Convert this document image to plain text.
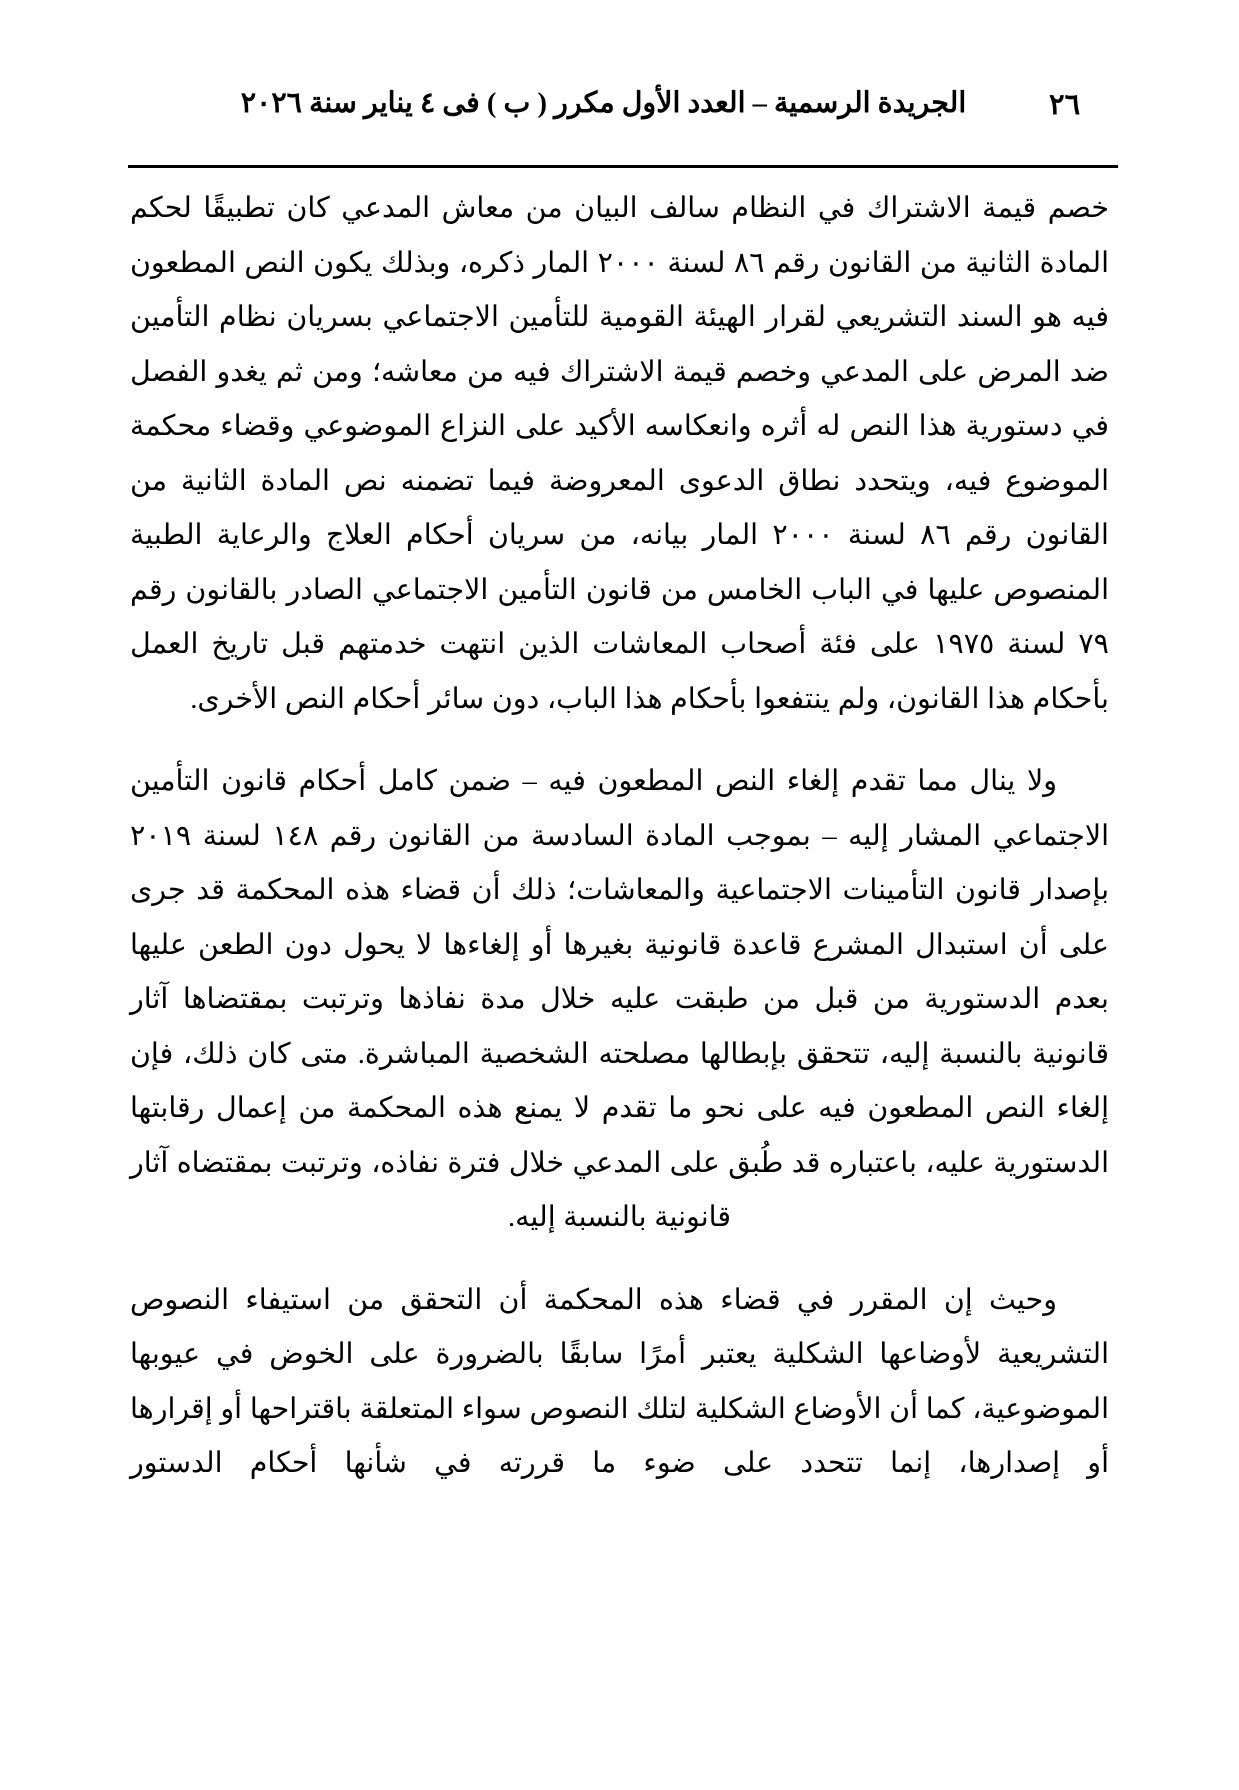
٢٦
الجريدة الرسمية – العدد الأول مكرر ( ب ) فى ٤ يناير سنة ٢٠٢٦

خصم قيمة الاشتراك في النظام سالف البيان من معاش المدعي كان تطبيقًا لحكم المادة الثانية من القانون رقم ٨٦ لسنة ٢٠٠٠ المار ذكره، وبذلك يكون النص المطعون فيه هو السند التشريعي لقرار الهيئة القومية للتأمين الاجتماعي بسريان نظام التأمين ضد المرض على المدعي وخصم قيمة الاشتراك فيه من معاشه؛ ومن ثم يغدو الفصل في دستورية هذا النص له أثره وانعكاسه الأكيد على النزاع الموضوعي وقضاء محكمة الموضوع فيه، ويتحدد نطاق الدعوى المعروضة فيما تضمنه نص المادة الثانية من القانون رقم ٨٦ لسنة ٢٠٠٠ المار بيانه، من سريان أحكام العلاج والرعاية الطبية المنصوص عليها في الباب الخامس من قانون التأمين الاجتماعي الصادر بالقانون رقم ٧٩ لسنة ١٩٧٥ على فئة أصحاب المعاشات الذين انتهت خدمتهم قبل تاريخ العمل بأحكام هذا القانون، ولم ينتفعوا بأحكام هذا الباب، دون سائر أحكام النص الأخرى.

ولا ينال مما تقدم إلغاء النص المطعون فيه – ضمن كامل أحكام قانون التأمين الاجتماعي المشار إليه – بموجب المادة السادسة من القانون رقم ١٤٨ لسنة ٢٠١٩ بإصدار قانون التأمينات الاجتماعية والمعاشات؛ ذلك أن قضاء هذه المحكمة قد جرى على أن استبدال المشرع قاعدة قانونية بغيرها أو إلغاءها لا يحول دون الطعن عليها بعدم الدستورية من قبل من طبقت عليه خلال مدة نفاذها وترتبت بمقتضاها آثار قانونية بالنسبة إليه، تتحقق بإبطالها مصلحته الشخصية المباشرة. متى كان ذلك، فإن إلغاء النص المطعون فيه على نحو ما تقدم لا يمنع هذه المحكمة من إعمال رقابتها الدستورية عليه، باعتباره قد طُبق على المدعي خلال فترة نفاذه، وترتبت بمقتضاه آثار قانونية بالنسبة إليه.

وحيث إن المقرر في قضاء هذه المحكمة أن التحقق من استيفاء النصوص التشريعية لأوضاعها الشكلية يعتبر أمرًا سابقًا بالضرورة على الخوض في عيوبها الموضوعية، كما أن الأوضاع الشكلية لتلك النصوص سواء المتعلقة باقتراحها أو إقرارها أو إصدارها، إنما تتحدد على ضوء ما قررته في شأنها أحكام الدستور
